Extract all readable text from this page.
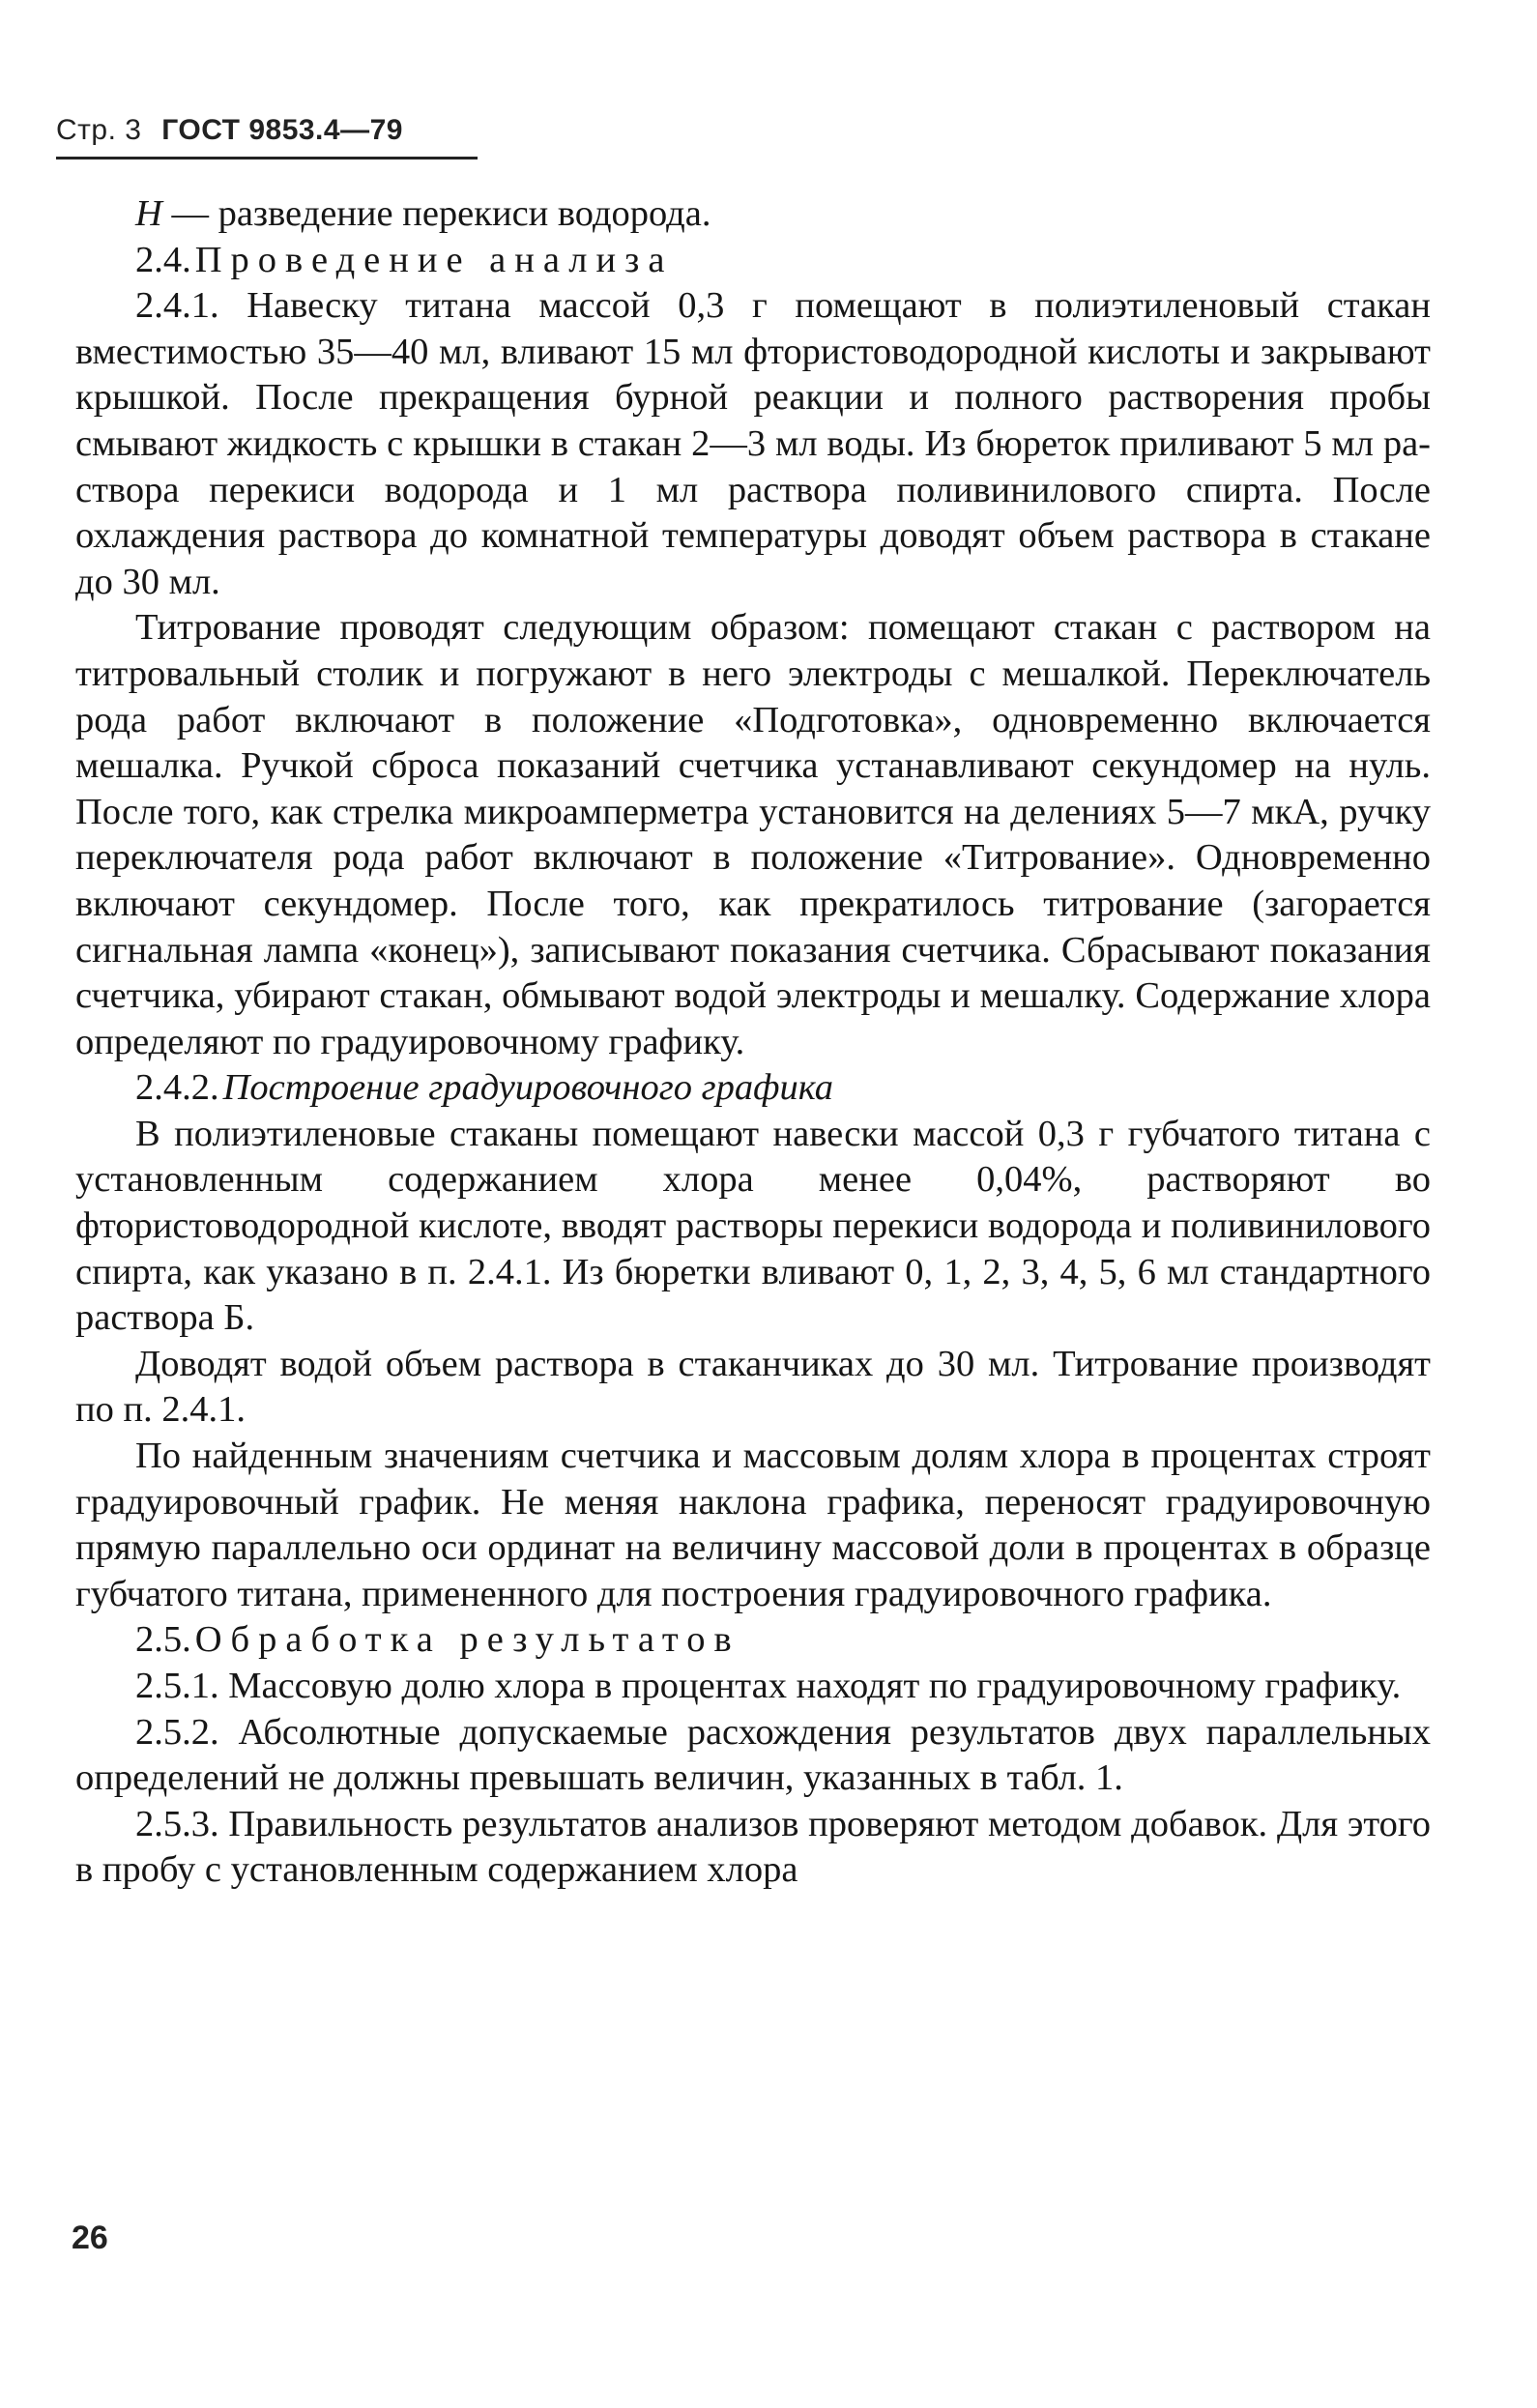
Стр. 3 ГОСТ 9853.4—79

Н — разведение перекиси водорода.

2.4. Проведение анализа

2.4.1. Навеску титана массой 0,3 г помещают в полиэтиленовый стакан вместимостью 35—40 мл, вливают 15 мл фтористоводородной кислоты и закрывают крышкой. После прекращения бурной реакции и полного растворения пробы смывают жидкость с крышки в стакан 2—3 мл воды. Из бюреток приливают 5 мл раствора перекиси водорода и 1 мл раствора поливинилового спирта. После охлаждения раствора до комнатной температуры доводят объем раствора в стакане до 30 мл.

Титрование проводят следующим образом: помещают стакан с раствором на титровальный столик и погружают в него электроды с мешалкой. Переключатель рода работ включают в положение «Подготовка», одновременно включается мешалка. Ручкой сброса показаний счетчика устанавливают секундомер на нуль. После того, как стрелка микроамперметра установится на делениях 5—7 мкА, ручку переключателя рода работ включают в положение «Титрование». Одновременно включают секундомер. После того, как прекратилось титрование (загорается сигнальная лампа «конец»), записывают показания счетчика. Сбрасывают показания счетчика, убирают стакан, обмывают водой электроды и мешалку. Содержание хлора определяют по градуировочному графику.

2.4.2. Построение градуировочного графика

В полиэтиленовые стаканы помещают навески массой 0,3 г губчатого титана с установленным содержанием хлора менее 0,04%, растворяют во фтористоводородной кислоте, вводят растворы перекиси водорода и поливинилового спирта, как указано в п. 2.4.1. Из бюретки вливают 0, 1, 2, 3, 4, 5, 6 мл стандартного раствора Б.

Доводят водой объем раствора в стаканчиках до 30 мл. Титрование производят по п. 2.4.1.

По найденным значениям счетчика и массовым долям хлора в процентах строят градуировочный график. Не меняя наклона графика, переносят градуировочную прямую параллельно оси ординат на величину массовой доли в процентах в образце губчатого титана, примененного для построения градуировочного графика.

2.5. Обработка результатов

2.5.1. Массовую долю хлора в процентах находят по градуировочному графику.

2.5.2. Абсолютные допускаемые расхождения результатов двух параллельных определений не должны превышать величин, указанных в табл. 1.

2.5.3. Правильность результатов анализов проверяют методом добавок. Для этого в пробу с установленным содержанием хлора

26
